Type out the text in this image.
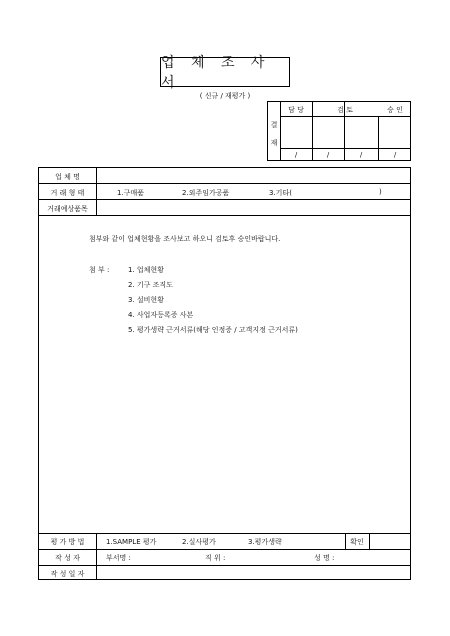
업 체 조 사 서
( 신규 / 재평가 )
결
재
담 당	검 토	승 인
/	/	/	/
업 체 명
거 래 형 태	1.구매품	2.외주임가공품	3.기타(	)
거래예상품목
첨부와 같이 업체현황을 조사보고 하오니 검토후 승인바랍니다.
첨 부 :	1. 업체현황
2. 기구 조직도
3. 설비현황
4. 사업자등록증 사본
5. 평가생략 근거서류(해당 인정증 / 고객지정 근거서류)
평 가 방 법	1.SAMPLE 평가	2.실사평가	3.평가생략	확인
작 성 자	부서명 :	직 위 :	성 명 :
작 성 일 자
